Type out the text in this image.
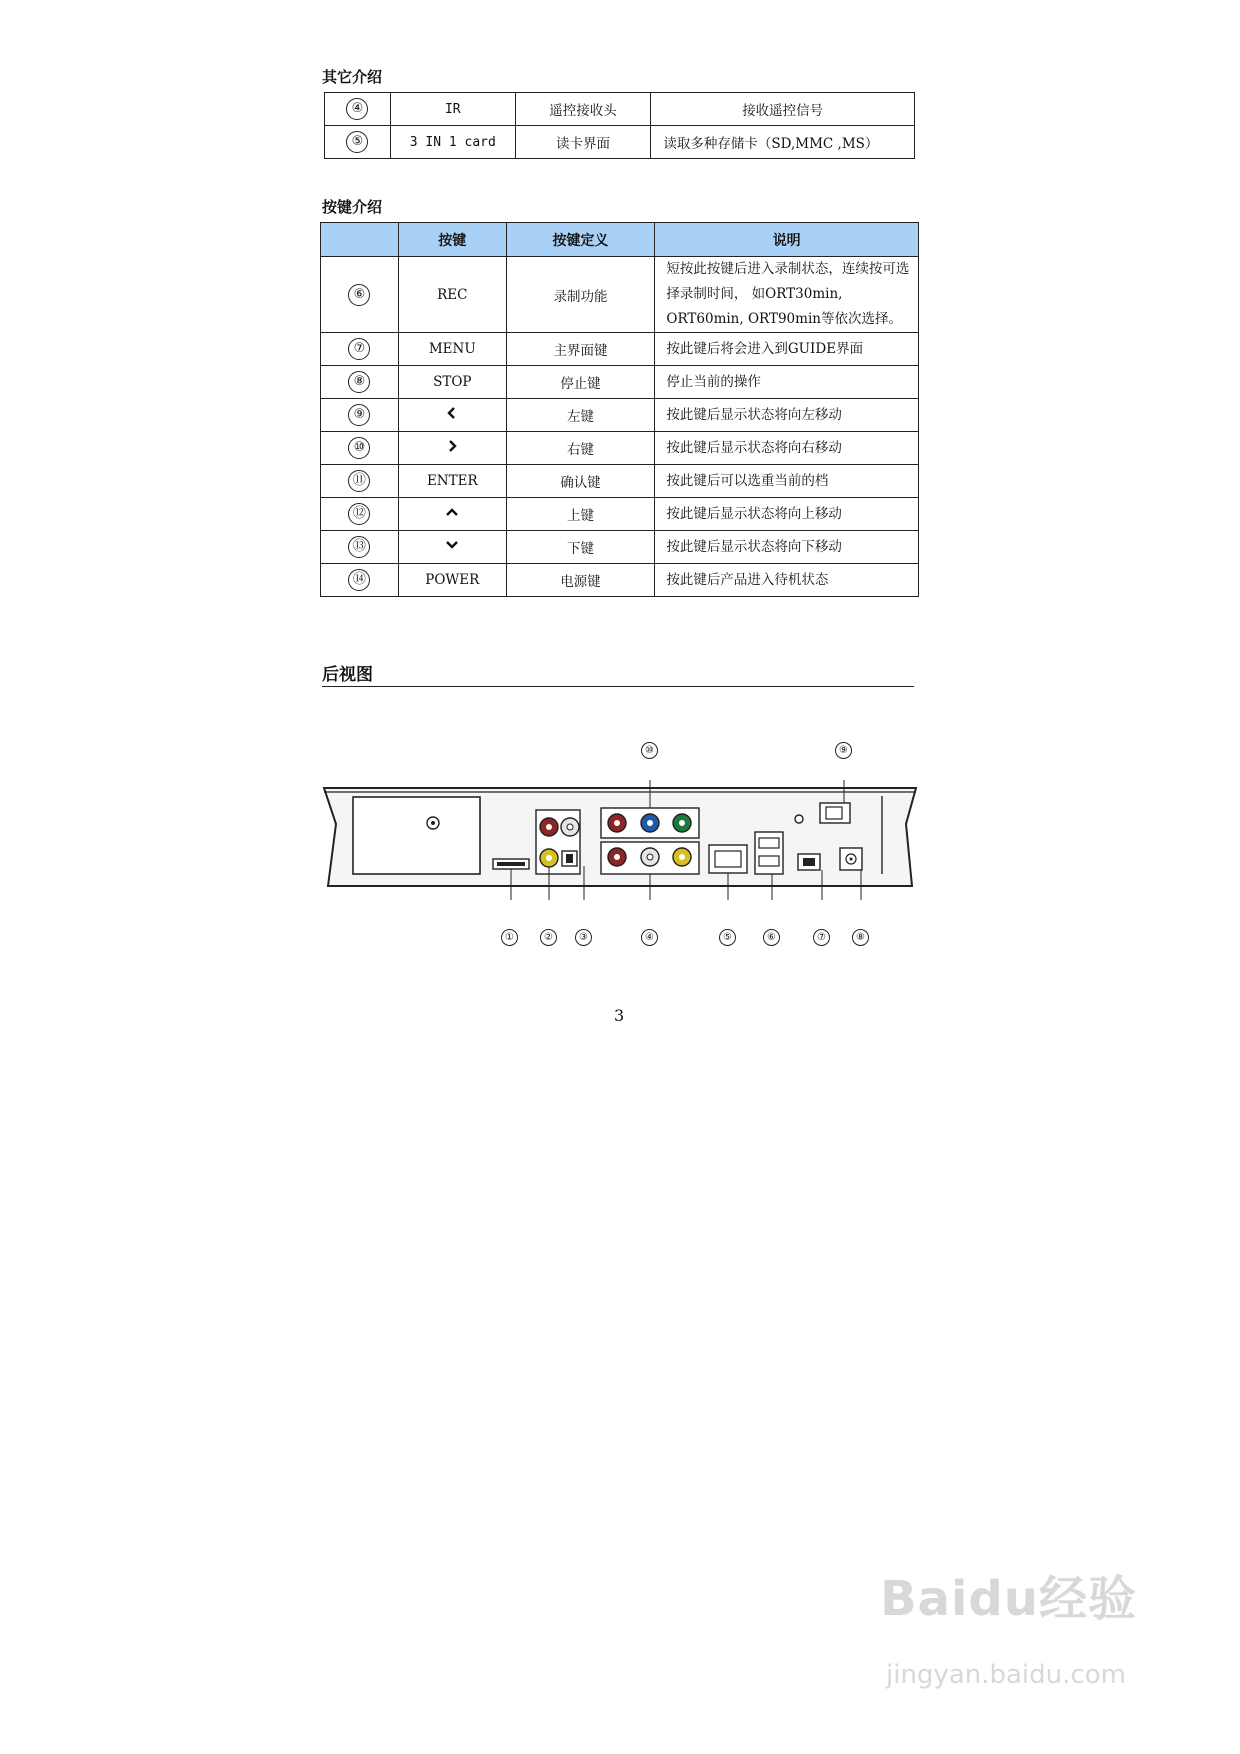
其它介绍
④	IR	遥控接收头	接收遥控信号
⑤	3 IN 1 card	读卡界面	读取多种存储卡（SD,MMC ,MS）
按键介绍
	按键	按键定义	说明
⑥	REC	录制功能	短按此按键后进入录制状态，连续按可选择录制时间， 如ORT30min, ORT60min, ORT90min等依次选择。
⑦	MENU	主界面键	按此键后将会进入到GUIDE界面
⑧	STOP	停止键	停止当前的操作
⑨		左键	按此键后显示状态将向左移动
⑩		右键	按此键后显示状态将向右移动
⑪	ENTER	确认键	按此键后可以选重当前的档
⑫		上键	按此键后显示状态将向上移动
⑬		下键	按此键后显示状态将向下移动
⑭	POWER	电源键	按此键后产品进入待机状态
后视图
①	②	③	④	⑤	⑥	⑦	⑧
⑩	⑨
3
Baidu经验
jingyan.baidu.com
